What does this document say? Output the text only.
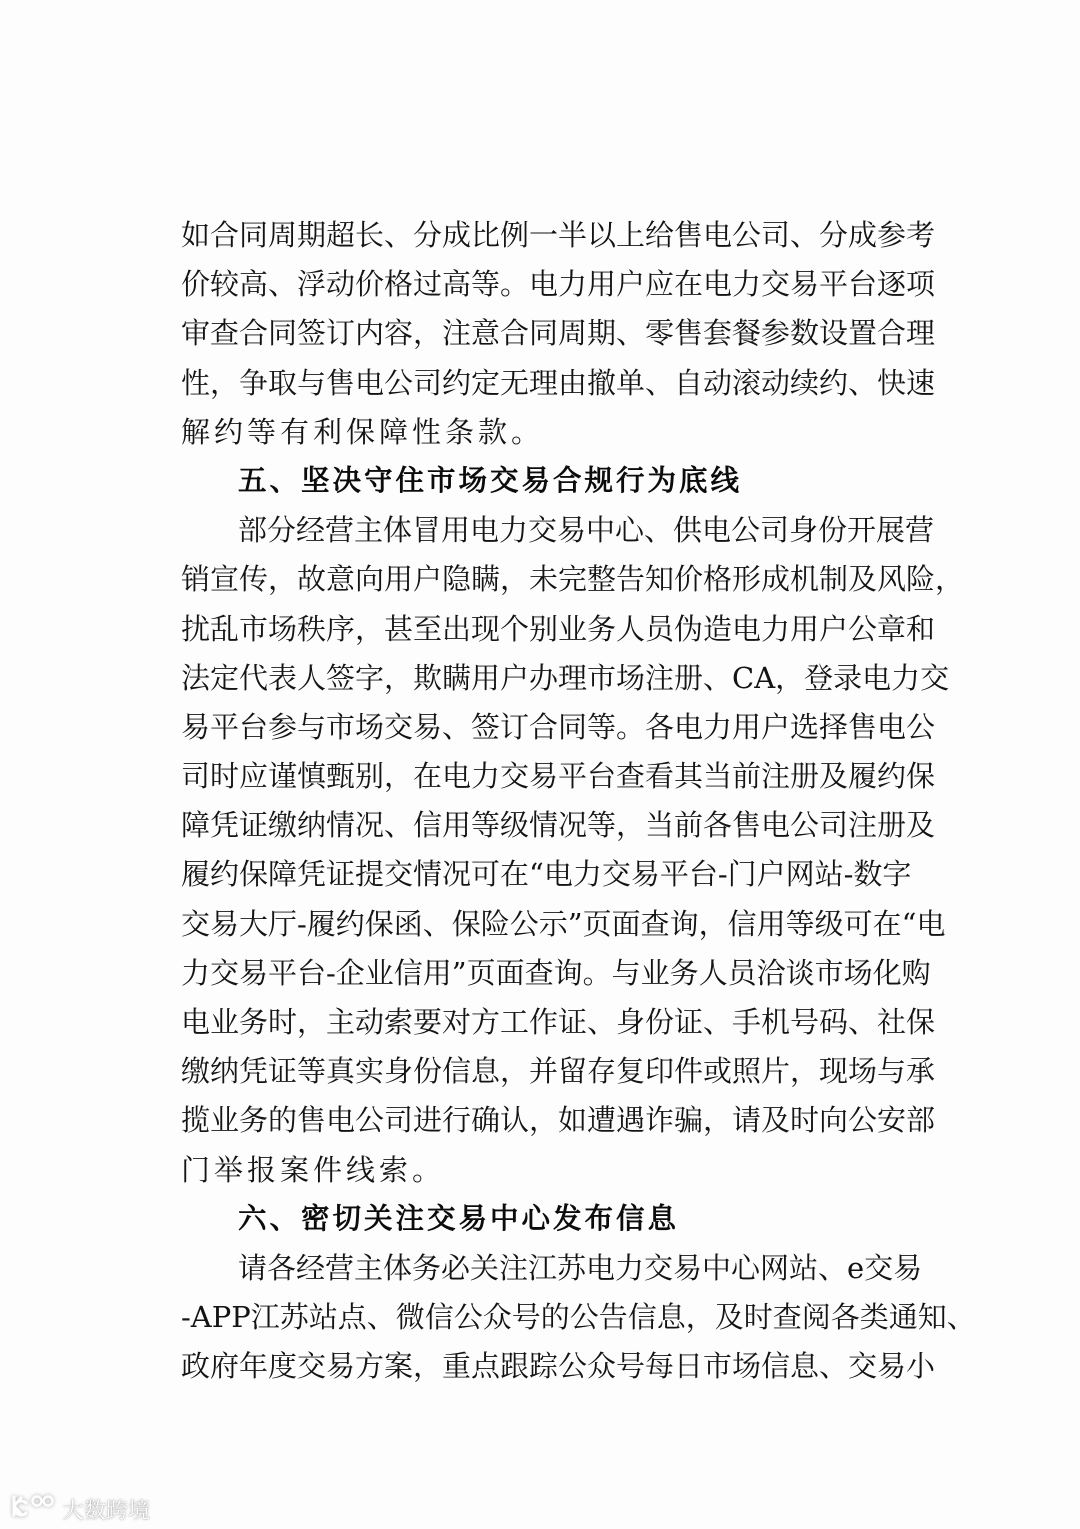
如合同周期超长、分成比例一半以上给售电公司、分成参考
价较高、浮动价格过高等。电力用户应在电力交易平台逐项
审查合同签订内容，注意合同周期、零售套餐参数设置合理
性，争取与售电公司约定无理由撤单、自动滚动续约、快速
解约等有利保障性条款。
五、坚决守住市场交易合规行为底线
部分经营主体冒用电力交易中心、供电公司身份开展营
销宣传，故意向用户隐瞒，未完整告知价格形成机制及风险，
扰乱市场秩序，甚至出现个别业务人员伪造电力用户公章和
法定代表人签字，欺瞒用户办理市场注册、CA，登录电力交
易平台参与市场交易、签订合同等。各电力用户选择售电公
司时应谨慎甄别，在电力交易平台查看其当前注册及履约保
障凭证缴纳情况、信用等级情况等，当前各售电公司注册及
履约保障凭证提交情况可在“电力交易平台-门户网站-数字
交易大厅-履约保函、保险公示”页面查询，信用等级可在“电
力交易平台-企业信用”页面查询。与业务人员洽谈市场化购
电业务时，主动索要对方工作证、身份证、手机号码、社保
缴纳凭证等真实身份信息，并留存复印件或照片，现场与承
揽业务的售电公司进行确认，如遭遇诈骗，请及时向公安部
门举报案件线索。
六、密切关注交易中心发布信息
请各经营主体务必关注江苏电力交易中心网站、e交易
-APP江苏站点、微信公众号的公告信息，及时查阅各类通知、
政府年度交易方案，重点跟踪公众号每日市场信息、交易小
大数跨境
